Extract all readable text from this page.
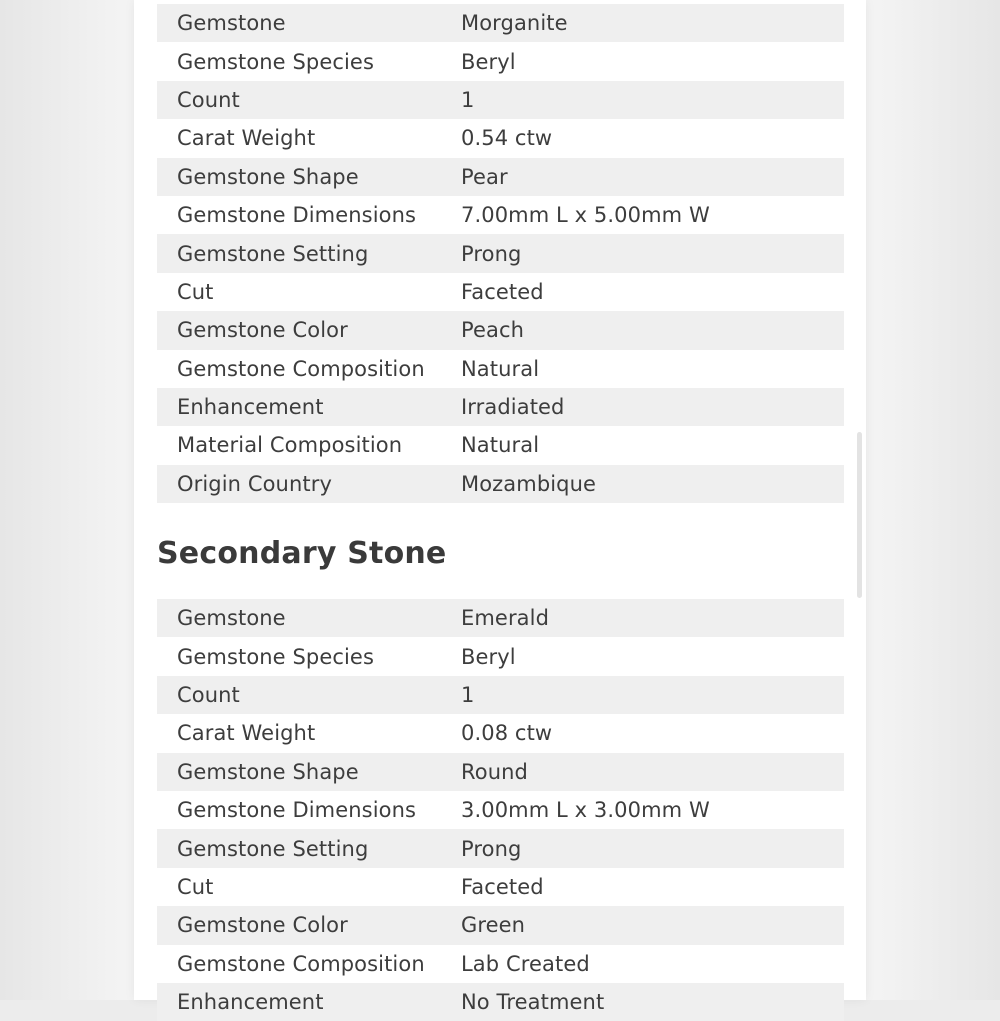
Gemstone	Morganite
Gemstone Species	Beryl
Count	1
Carat Weight	0.54 ctw
Gemstone Shape	Pear
Gemstone Dimensions	7.00mm L x 5.00mm W
Gemstone Setting	Prong
Cut	Faceted
Gemstone Color	Peach
Gemstone Composition	Natural
Enhancement	Irradiated
Material Composition	Natural
Origin Country	Mozambique
Secondary Stone
Gemstone	Emerald
Gemstone Species	Beryl
Count	1
Carat Weight	0.08 ctw
Gemstone Shape	Round
Gemstone Dimensions	3.00mm L x 3.00mm W
Gemstone Setting	Prong
Cut	Faceted
Gemstone Color	Green
Gemstone Composition	Lab Created
Enhancement	No Treatment
